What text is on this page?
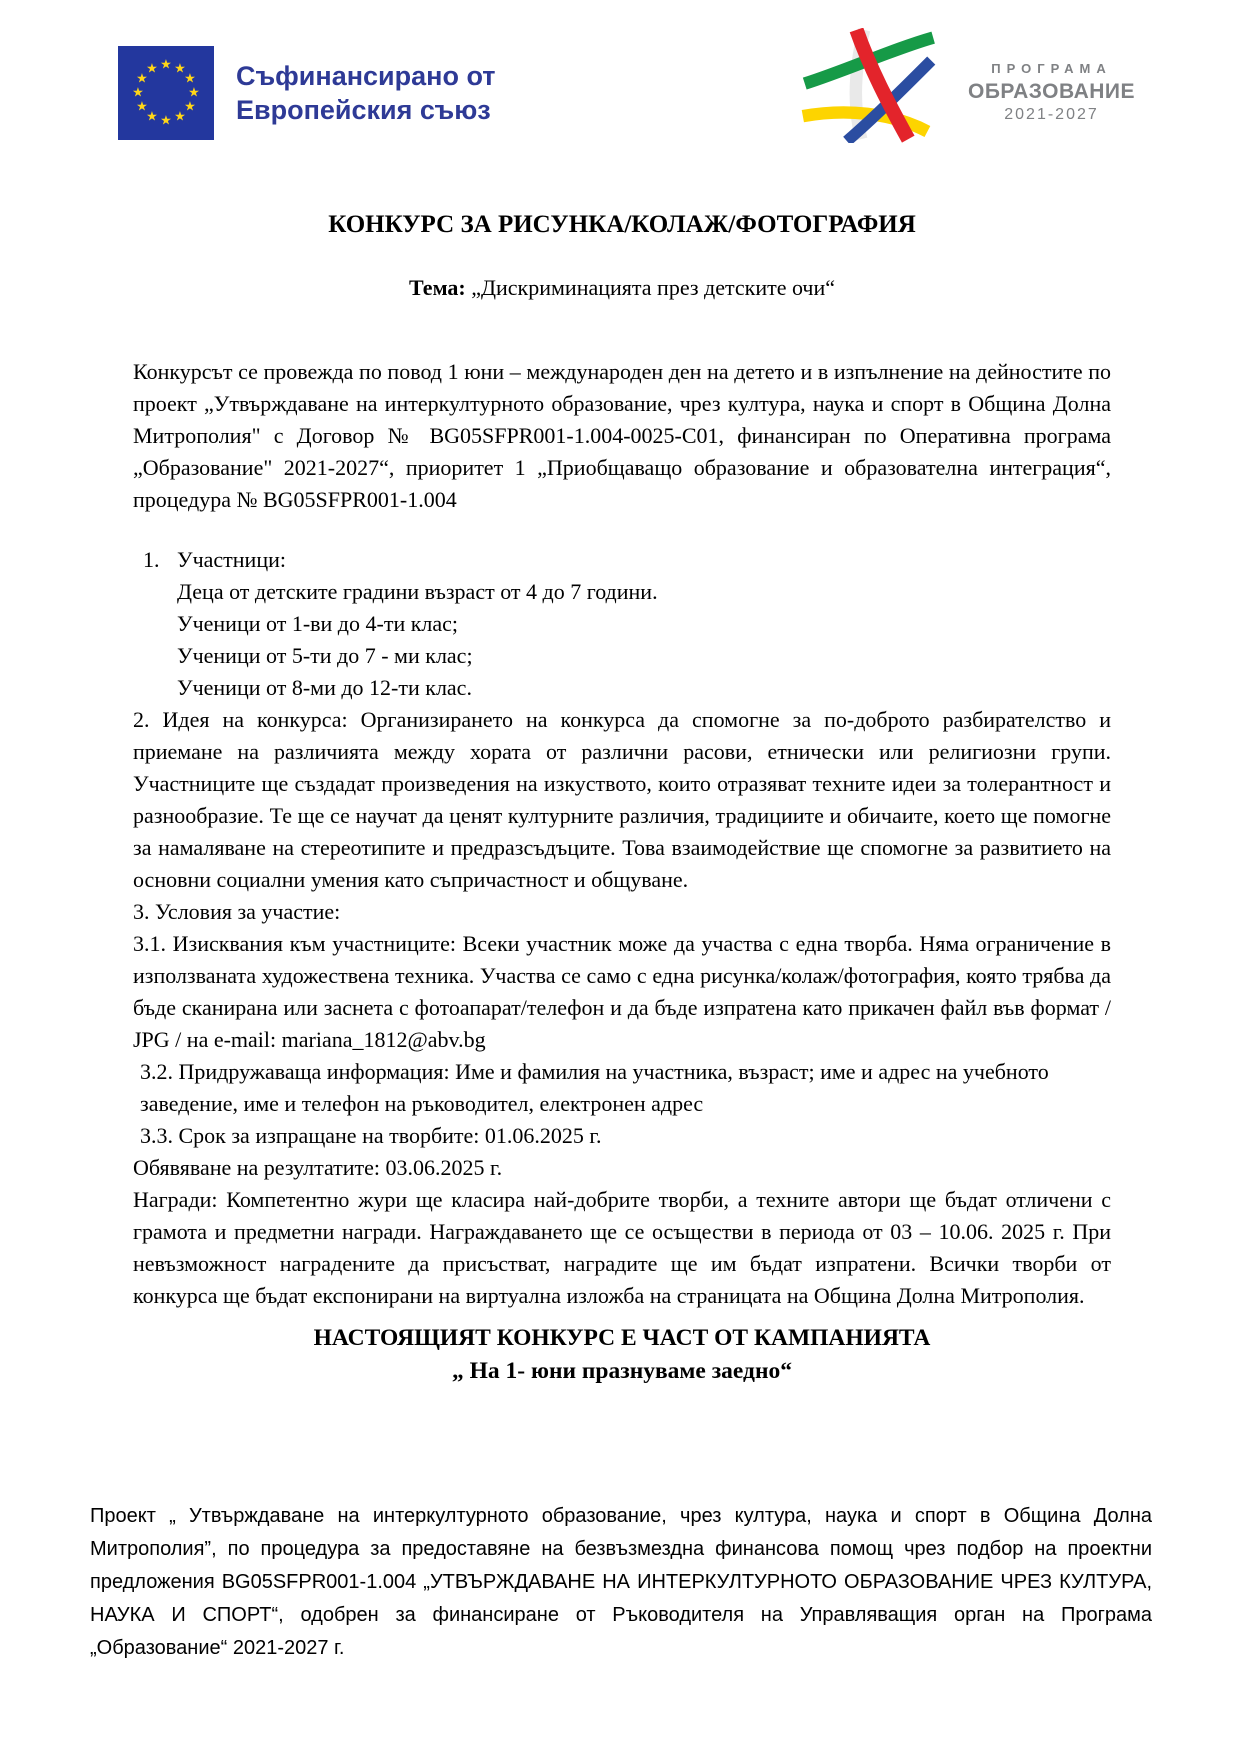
★ ★
★
★
★
★
★
★
★
★
★
★	Съфинансирано от
Европейския съюз
ПРОГРАМА
ОБРАЗОВАНИЕ
2021-2027
КОНКУРС ЗА РИСУНКА/КОЛАЖ/ФОТОГРАФИЯ

Тема: „Дискриминацията през детските очи“

Конкурсът се провежда по повод 1 юни – международен ден на детето и в изпълнение на дейностите по проект „Утвърждаване на интеркултурното образование, чрез култура, наука и спорт в Община Долна Митрополия" с Договор № BG05SFPR001-1.004-0025-C01, финансиран по Оперативна програма „Образование" 2021-2027“, приоритет 1 „Приобщаващо образование и образователна интеграция“, процедура № BG05SFPR001-1.004

1. Участници:
Деца от детските градини възраст от 4 до 7 години.
Ученици от 1-ви до 4-ти клас;
Ученици от 5-ти до 7 - ми клас;
Ученици от 8-ми до 12-ти клас.

2. Идея на конкурса: Организирането на конкурса да спомогне за по-доброто разбирателство и приемане на различията между хората от различни расови, етнически или религиозни групи. Участниците ще създадат произведения на изкуството, които отразяват техните идеи за толерантност и разнообразие. Те ще се научат да ценят културните различия, традициите и обичаите, което ще помогне за намаляване на стереотипите и предразсъдъците. Това взаимодействие ще спомогне за развитието на основни социални умения като съпричастност и общуване.

3. Условия за участие:

3.1. Изисквания към участниците: Всеки участник може да участва с една творба. Няма ограничение в използваната художествена техника. Участва се само с една рисунка/колаж/фотография, която трябва да бъде сканирана или заснета с фотоапарат/телефон и да бъде изпратена като прикачен файл във формат / JPG / на e-mail: mariana_1812@abv.bg

3.2. Придружаваща информация: Име и фамилия на участника, възраст; име и адрес на учебното заведение, име и телефон на ръководител, електронен адрес

3.3. Срок за изпращане на творбите: 01.06.2025 г.

Обявяване на резултатите: 03.06.2025 г.

Награди: Компетентно жури ще класира най-добрите творби, а техните автори ще бъдат отличени с грамота и предметни награди. Награждаването ще се осъществи в периода от 03 – 10.06. 2025 г. При невъзможност наградените да присъстват, наградите ще им бъдат изпратени. Всички творби от конкурса ще бъдат експонирани на виртуална изложба на страницата на Община Долна Митрополия.

НАСТОЯЩИЯТ КОНКУРС Е ЧАСТ ОТ КАМПАНИЯТА
„ На 1- юни празнуваме заедно“
Проект „ Утвърждаване на интеркултурното образование, чрез култура, наука и спорт в Община Долна Митрополия”, по процедура за предоставяне на безвъзмездна финансова помощ чрез подбор на проектни предложения BG05SFPR001-1.004 „УТВЪРЖДАВАНЕ НА ИНТЕРКУЛТУРНОТО ОБРАЗОВАНИЕ ЧРЕЗ КУЛТУРА, НАУКА И СПОРТ“, одобрен за финансиране от Ръководителя на Управляващия орган на Програма „Образование“ 2021-2027 г.
